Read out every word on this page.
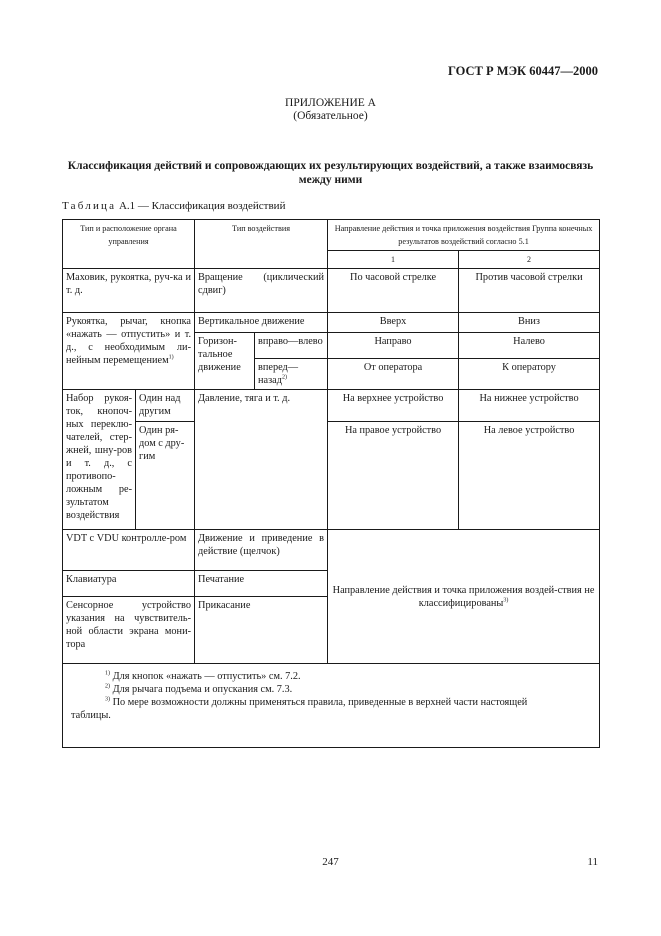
ГОСТ Р МЭК 60447—2000
ПРИЛОЖЕНИЕ А
(Обязательное)
Классификация действий и сопровождающих их результирующих воздействий, а также взаимосвязь
между ними
Таблица А.1 — Классификация воздействий
Тип и расположение органа управления		Тип воздействия		Направление действия и точка приложения воздействия Группа конечных результатов воздействий согласно 5.1	
				1	2
Маховик, рукоятка, руч-ка и т. д.		Вращение (циклический сдвиг)		По часовой стрелке	Против часовой стрелки
Рукоятка, рычаг, кнопка «нажать — отпустить» и т. д., с необходимым ли-нейным перемещением$^{1)}$		Вертикальное движение		Вверх	Вниз
		Горизон-тальное движение	вправо—влево	Направо	Налево
			вперед—назад$^{2)}$	От оператора	К оператору
Набор рукоя-ток, кнопоч-ных переклю-чателей, стер-жней, шну-ров и т. д., с противопо-ложным ре-зультатом воздействия	Один над другим	Давление, тяга и т. д.		На верхнее устройство	На нижнее устройство
	Один ря-дом с дру-гим			На правое устройство	На левое устройство
VDT с VDU контролле-ром		Движение и приведение в действие (щелчок)		Направление действия и точка приложения воздей-ствия не классифицированы$^{3)}$
Клавиатура		Печатание			
Сенсорное устройство указания на чувствитель-ной области экрана мони-тора		Прикасание			

$^{1)}$ Для кнопок «нажать — отпустить» см. 7.2.
$^{2)}$ Для рычага подъема и опускания см. 7.3.
$^{3)}$ По мере возможности должны применяться правила, приведенные в верхней части настоящей
таблицы.					
247	11
